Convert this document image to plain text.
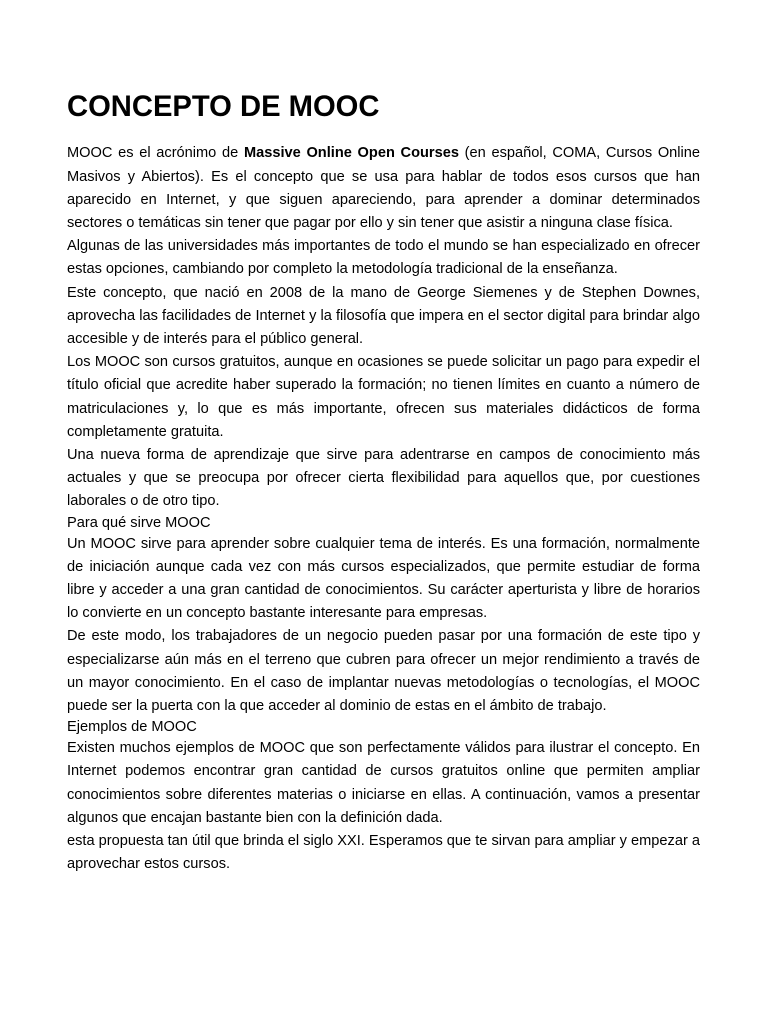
CONCEPTO DE MOOC

MOOC es el acrónimo de Massive Online Open Courses (en español, COMA, Cursos Online Masivos y Abiertos). Es el concepto que se usa para hablar de todos esos cursos que han aparecido en Internet, y que siguen apareciendo, para aprender a dominar determinados sectores o temáticas sin tener que pagar por ello y sin tener que asistir a ninguna clase física.

Algunas de las universidades más importantes de todo el mundo se han especializado en ofrecer estas opciones, cambiando por completo la metodología tradicional de la enseñanza.

Este concepto, que nació en 2008 de la mano de George Siemenes y de Stephen Downes, aprovecha las facilidades de Internet y la filosofía que impera en el sector digital para brindar algo accesible y de interés para el público general.

Los MOOC son cursos gratuitos, aunque en ocasiones se puede solicitar un pago para expedir el título oficial que acredite haber superado la formación; no tienen límites en cuanto a número de matriculaciones y, lo que es más importante, ofrecen sus materiales didácticos de forma completamente gratuita.

Una nueva forma de aprendizaje que sirve para adentrarse en campos de conocimiento más actuales y que se preocupa por ofrecer cierta flexibilidad para aquellos que, por cuestiones laborales o de otro tipo.

Para qué sirve MOOC

Un MOOC sirve para aprender sobre cualquier tema de interés. Es una formación, normalmente de iniciación aunque cada vez con más cursos especializados, que permite estudiar de forma libre y acceder a una gran cantidad de conocimientos. Su carácter aperturista y libre de horarios lo convierte en un concepto bastante interesante para empresas.

De este modo, los trabajadores de un negocio pueden pasar por una formación de este tipo y especializarse aún más en el terreno que cubren para ofrecer un mejor rendimiento a través de un mayor conocimiento. En el caso de implantar nuevas metodologías o tecnologías, el MOOC puede ser la puerta con la que acceder al dominio de estas en el ámbito de trabajo.

Ejemplos de MOOC

Existen muchos ejemplos de MOOC que son perfectamente válidos para ilustrar el concepto. En Internet podemos encontrar gran cantidad de cursos gratuitos online que permiten ampliar conocimientos sobre diferentes materias o iniciarse en ellas. A continuación, vamos a presentar algunos que encajan bastante bien con la definición dada.

esta propuesta tan útil que brinda el siglo XXI. Esperamos que te sirvan para ampliar y empezar a aprovechar estos cursos.
